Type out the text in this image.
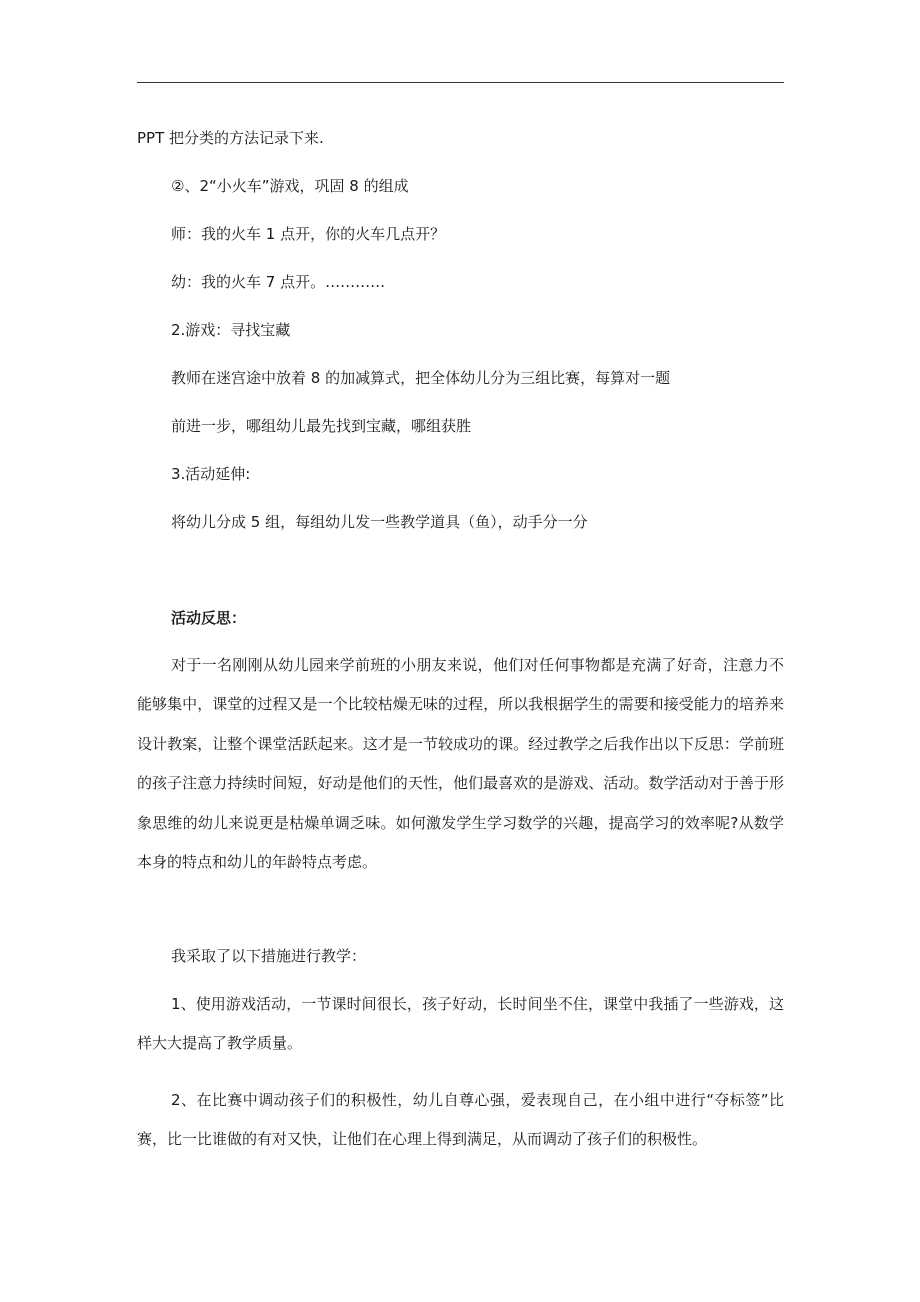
PPT 把分类的方法记录下来.
②、2“小火车”游戏，巩固 8 的组成
师：我的火车 1 点开，你的火车几点开？
幼：我的火车 7 点开。…………
2.游戏：寻找宝藏
教师在迷宫途中放着 8 的加减算式，把全体幼儿分为三组比赛，每算对一题
前进一步，哪组幼儿最先找到宝藏，哪组获胜
3.活动延伸:
将幼儿分成 5 组，每组幼儿发一些教学道具（鱼），动手分一分
活动反思：

对于一名刚刚从幼儿园来学前班的小朋友来说，他们对任何事物都是充满了好奇，注意力不能够集中，课堂的过程又是一个比较枯燥无味的过程，所以我根据学生的需要和接受能力的培养来设计教案，让整个课堂活跃起来。这才是一节较成功的课。经过教学之后我作出以下反思：学前班的孩子注意力持续时间短，好动是他们的天性，他们最喜欢的是游戏、活动。数学活动对于善于形象思维的幼儿来说更是枯燥单调乏味。如何激发学生学习数学的兴趣，提高学习的效率呢?从数学本身的特点和幼儿的年龄特点考虑。

我采取了以下措施进行教学：

1、使用游戏活动，一节课时间很长，孩子好动，长时间坐不住，课堂中我插了一些游戏，这样大大提高了教学质量。

2、在比赛中调动孩子们的积极性，幼儿自尊心强，爱表现自己，在小组中进行“夺标签”比赛，比一比谁做的有对又快，让他们在心理上得到满足，从而调动了孩子们的积极性。
